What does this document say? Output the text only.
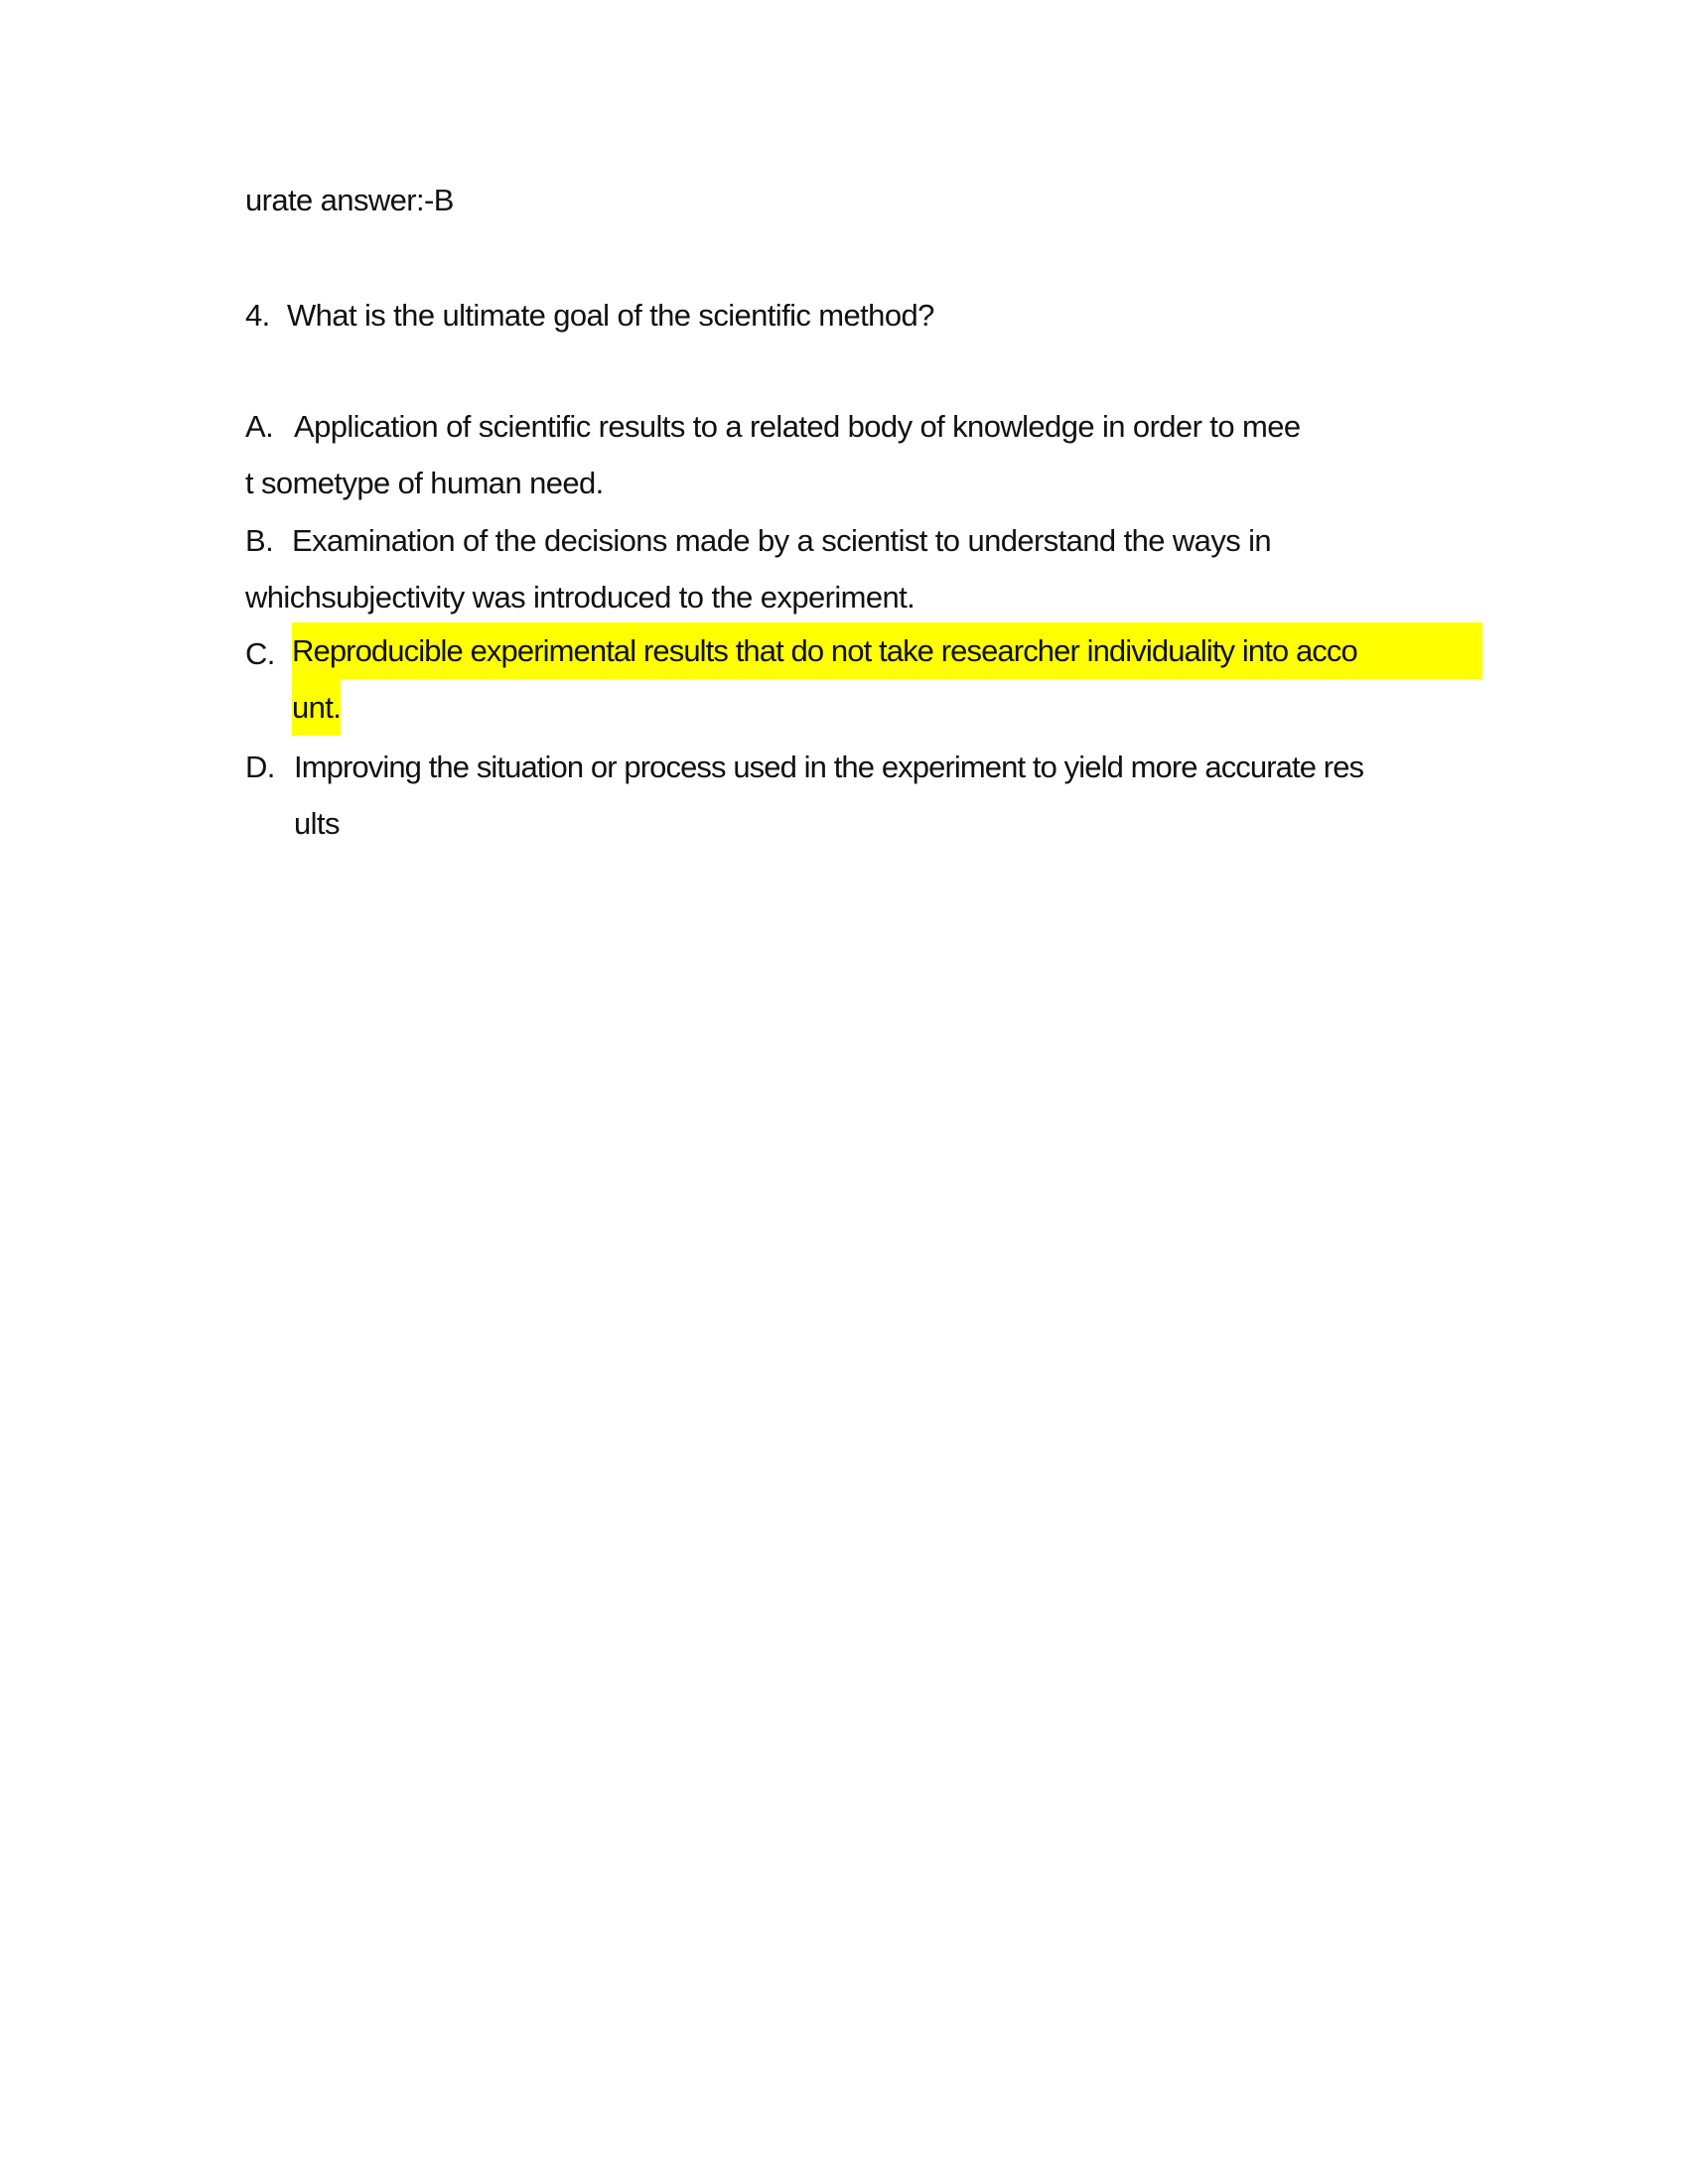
urate answer:-B
4. What is the ultimate goal of the scientific method?
A. Application of scientific results to a related body of knowledge in order to mee
t sometype of human need.
B. Examination of the decisions made by a scientist to understand the ways in
whichsubjectivity was introduced to the experiment.
C. Reproducible experimental results that do not take researcher individuality into acco
unt.
D. Improving the situation or process used in the experiment to yield more accurate res
ults
